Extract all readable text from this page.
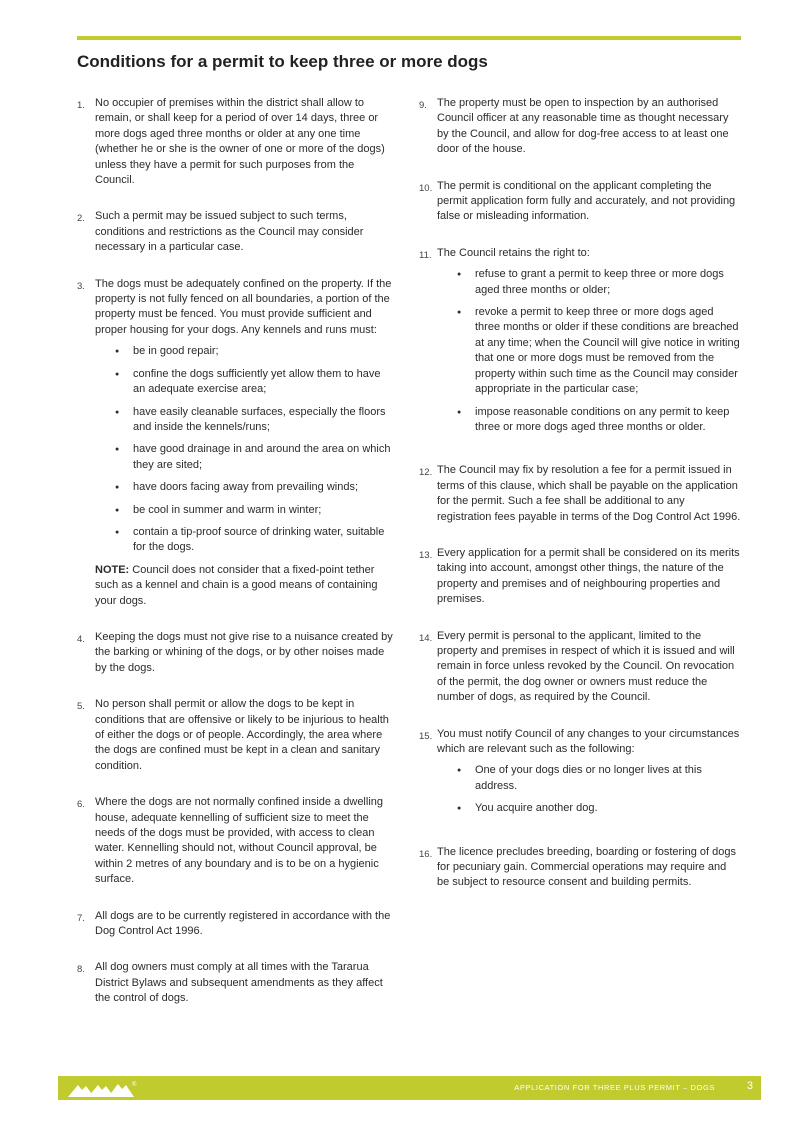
Conditions for a permit to keep three or more dogs
1. No occupier of premises within the district shall allow to remain, or shall keep for a period of over 14 days, three or more dogs aged three months or older at any one time (whether he or she is the owner of one or more of the dogs) unless they have a permit for such purposes from the Council.

2. Such a permit may be issued subject to such terms, conditions and restrictions as the Council may consider necessary in a particular case.

3. The dogs must be adequately confined on the property. If the property is not fully fenced on all boundaries, a portion of the property must be fenced. You must provide sufficient and proper housing for your dogs. Any kennels and runs must:

● be in good repair;
● confine the dogs sufficiently yet allow them to have an adequate exercise area;
● have easily cleanable surfaces, especially the floors and inside the kennels/runs;
● have good drainage in and around the area on which they are sited;
● have doors facing away from prevailing winds;
● be cool in summer and warm in winter;
● contain a tip-proof source of drinking water, suitable for the dogs.

NOTE: Council does not consider that a fixed-point tether such as a kennel and chain is a good means of containing your dogs.

4. Keeping the dogs must not give rise to a nuisance created by the barking or whining of the dogs, or by other noises made by the dogs.

5. No person shall permit or allow the dogs to be kept in conditions that are offensive or likely to be injurious to health of either the dogs or of people. Accordingly, the area where the dogs are confined must be kept in a clean and sanitary condition.

6. Where the dogs are not normally confined inside a dwelling house, adequate kennelling of sufficient size to meet the needs of the dogs must be provided, with access to clean water. Kennelling should not, without Council approval, be within 2 metres of any boundary and is to be on a hygienic surface.

7. All dogs are to be currently registered in accordance with the Dog Control Act 1996.

8. All dog owners must comply at all times with the Tararua District Bylaws and subsequent amendments as they affect the control of dogs.

9. The property must be open to inspection by an authorised Council officer at any reasonable time as thought necessary by the Council, and allow for dog-free access to at least one door of the house.

10. The permit is conditional on the applicant completing the permit application form fully and accurately, and not providing false or misleading information.

11. The Council retains the right to:

● refuse to grant a permit to keep three or more dogs aged three months or older;
● revoke a permit to keep three or more dogs aged three months or older if these conditions are breached at any time; when the Council will give notice in writing that one or more dogs must be removed from the property within such time as the Council may consider appropriate in the particular case;
● impose reasonable conditions on any permit to keep three or more dogs aged three months or older.
12. The Council may fix by resolution a fee for a permit issued in terms of this clause, which shall be payable on the application for the permit. Such a fee shall be additional to any registration fees payable in terms of the Dog Control Act 1996.

13. Every application for a permit shall be considered on its merits taking into account, amongst other things, the nature of the property and premises and of neighbouring properties and premises.

14. Every permit is personal to the applicant, limited to the property and premises in respect of which it is issued and will remain in force unless revoked by the Council. On revocation of the permit, the dog owner or owners must reduce the number of dogs, as required by the Council.

15. You must notify Council of any changes to your circumstances which are relevant such as the following:

● One of your dogs dies or no longer lives at this address.
● You acquire another dog.
16. The licence precludes breeding, boarding or fostering of dogs for pecuniary gain. Commercial operations may require and be subject to resource consent and building permits.

®	APPLICATION FOR THREE PLUS PERMIT – DOGS	3
